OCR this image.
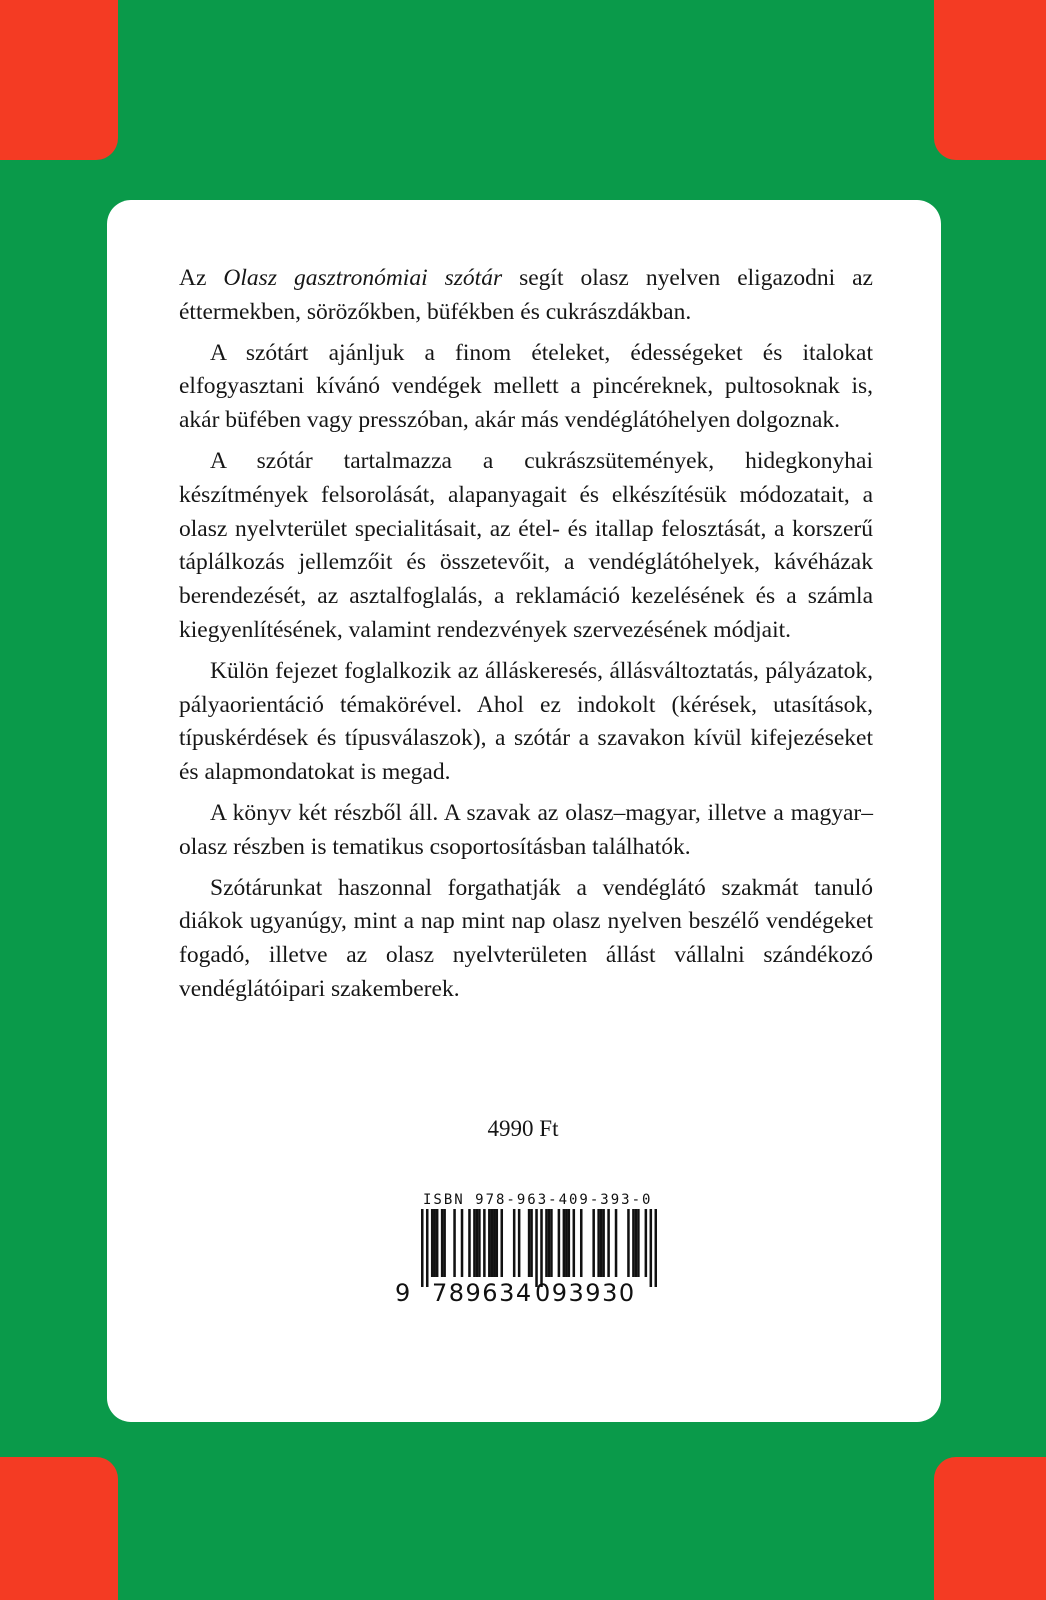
Az Olasz gasztronómiai szótár segít olasz nyelven eligazodni az éttermekben, sörözőkben, büfékben és cukrászdákban.

A szótárt ajánljuk a finom ételeket, édességeket és italokat elfogyasztani kívánó vendégek mellett a pincéreknek, pultosoknak is, akár büfében vagy presszóban, akár más vendéglátóhelyen dolgoznak.

A szótár tartalmazza a cukrászsütemények, hidegkonyhai készítmények felsorolását, alapanyagait és elkészítésük módozatait, a olasz nyelvterület specialitásait, az étel- és itallap felosztását, a korszerű táplálkozás jellemzőit és összetevőit, a vendéglátóhelyek, kávéházak berendezését, az asztalfoglalás, a reklamáció kezelésének és a számla kiegyenlítésének, valamint rendezvények szervezésének módjait.

Külön fejezet foglalkozik az álláskeresés, állásváltoztatás, pályázatok, pályaorientáció témakörével. Ahol ez indokolt (kérések, utasítások, típuskérdések és típusválaszok), a szótár a szavakon kívül kifejezéseket és alapmondatokat is megad.

A könyv két részből áll. A szavak az olasz–magyar, illetve a magyar–olasz részben is tematikus csoportosításban találhatók.

Szótárunkat haszonnal forgathatják a vendéglátó szakmát tanuló diákok ugyanúgy, mint a nap mint nap olasz nyelven beszélő vendégeket fogadó, illetve az olasz nyelvterületen állást vállalni szándékozó vendéglátóipari szakemberek.

ISBN 978-963-409-393-0
9 789634 093930
4990 Ft
